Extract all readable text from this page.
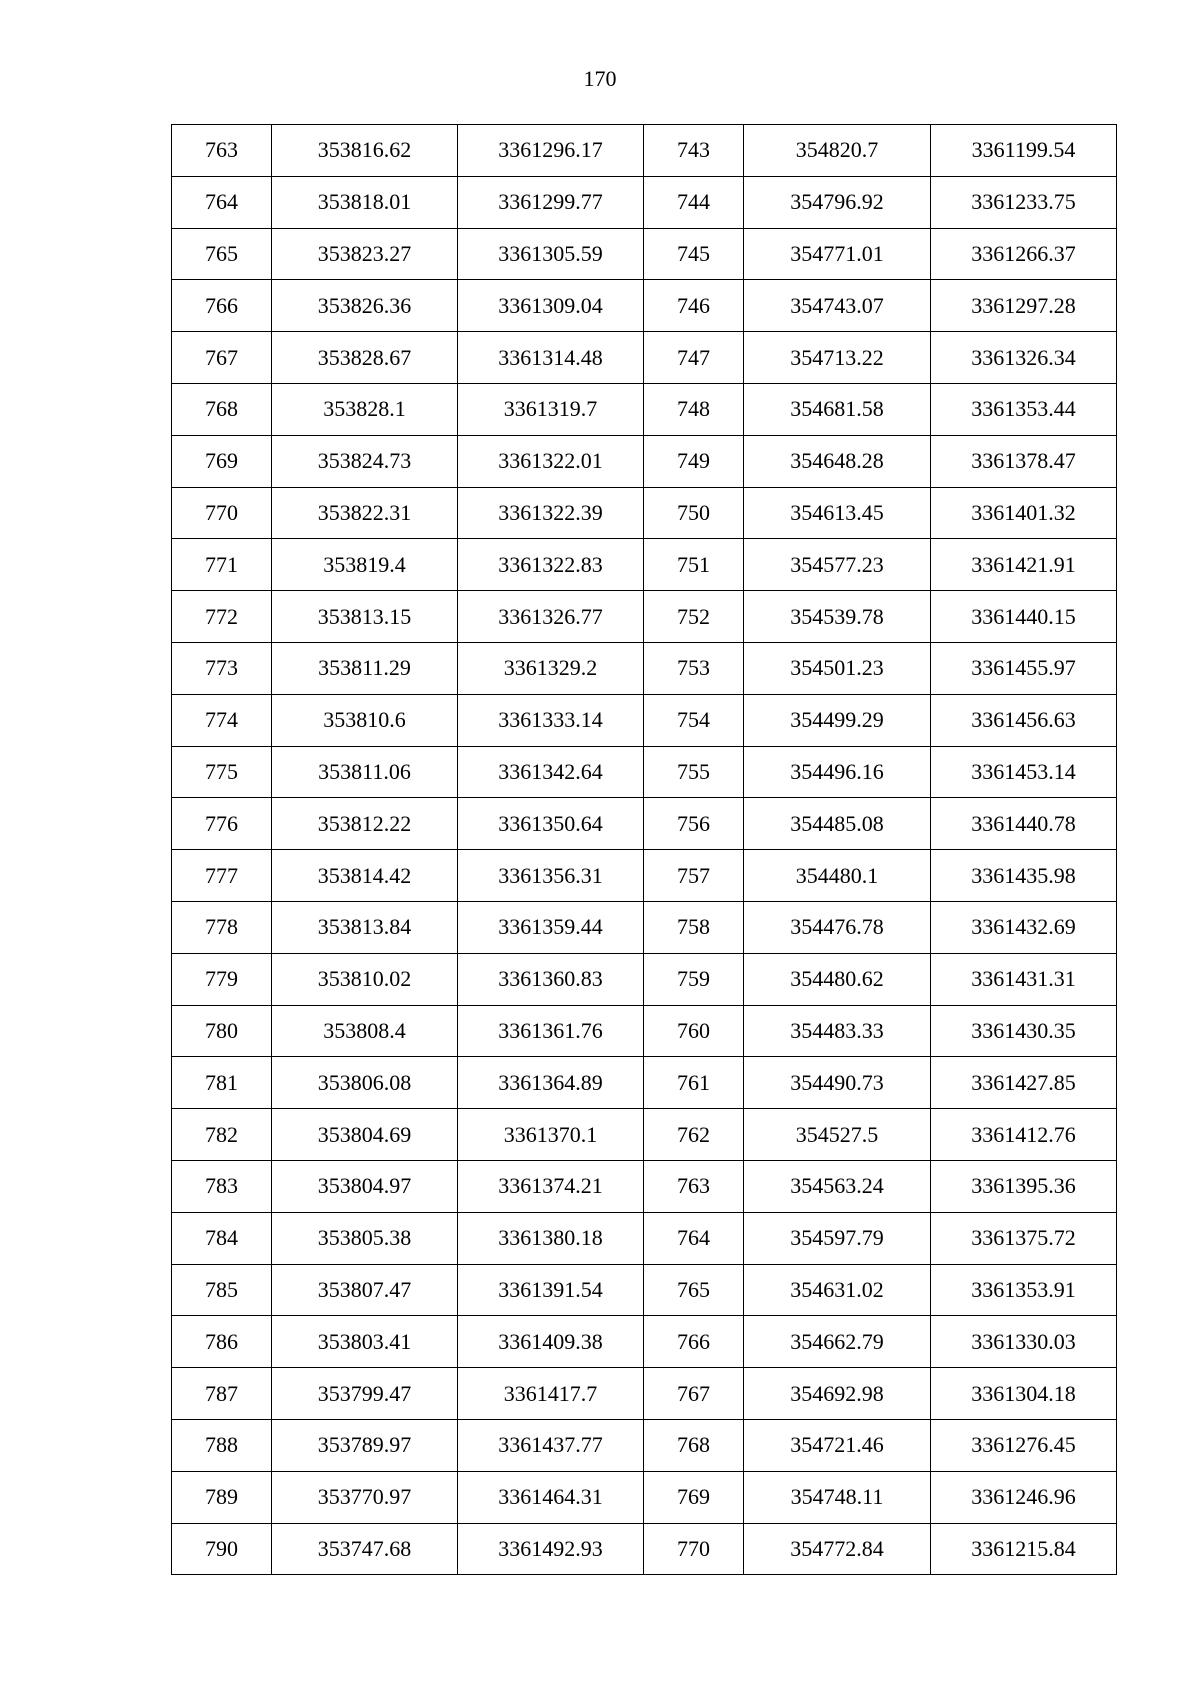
170
763	353816.62	3361296.17	743	354820.7	3361199.54
764	353818.01	3361299.77	744	354796.92	3361233.75
765	353823.27	3361305.59	745	354771.01	3361266.37
766	353826.36	3361309.04	746	354743.07	3361297.28
767	353828.67	3361314.48	747	354713.22	3361326.34
768	353828.1	3361319.7	748	354681.58	3361353.44
769	353824.73	3361322.01	749	354648.28	3361378.47
770	353822.31	3361322.39	750	354613.45	3361401.32
771	353819.4	3361322.83	751	354577.23	3361421.91
772	353813.15	3361326.77	752	354539.78	3361440.15
773	353811.29	3361329.2	753	354501.23	3361455.97
774	353810.6	3361333.14	754	354499.29	3361456.63
775	353811.06	3361342.64	755	354496.16	3361453.14
776	353812.22	3361350.64	756	354485.08	3361440.78
777	353814.42	3361356.31	757	354480.1	3361435.98
778	353813.84	3361359.44	758	354476.78	3361432.69
779	353810.02	3361360.83	759	354480.62	3361431.31
780	353808.4	3361361.76	760	354483.33	3361430.35
781	353806.08	3361364.89	761	354490.73	3361427.85
782	353804.69	3361370.1	762	354527.5	3361412.76
783	353804.97	3361374.21	763	354563.24	3361395.36
784	353805.38	3361380.18	764	354597.79	3361375.72
785	353807.47	3361391.54	765	354631.02	3361353.91
786	353803.41	3361409.38	766	354662.79	3361330.03
787	353799.47	3361417.7	767	354692.98	3361304.18
788	353789.97	3361437.77	768	354721.46	3361276.45
789	353770.97	3361464.31	769	354748.11	3361246.96
790	353747.68	3361492.93	770	354772.84	3361215.84
